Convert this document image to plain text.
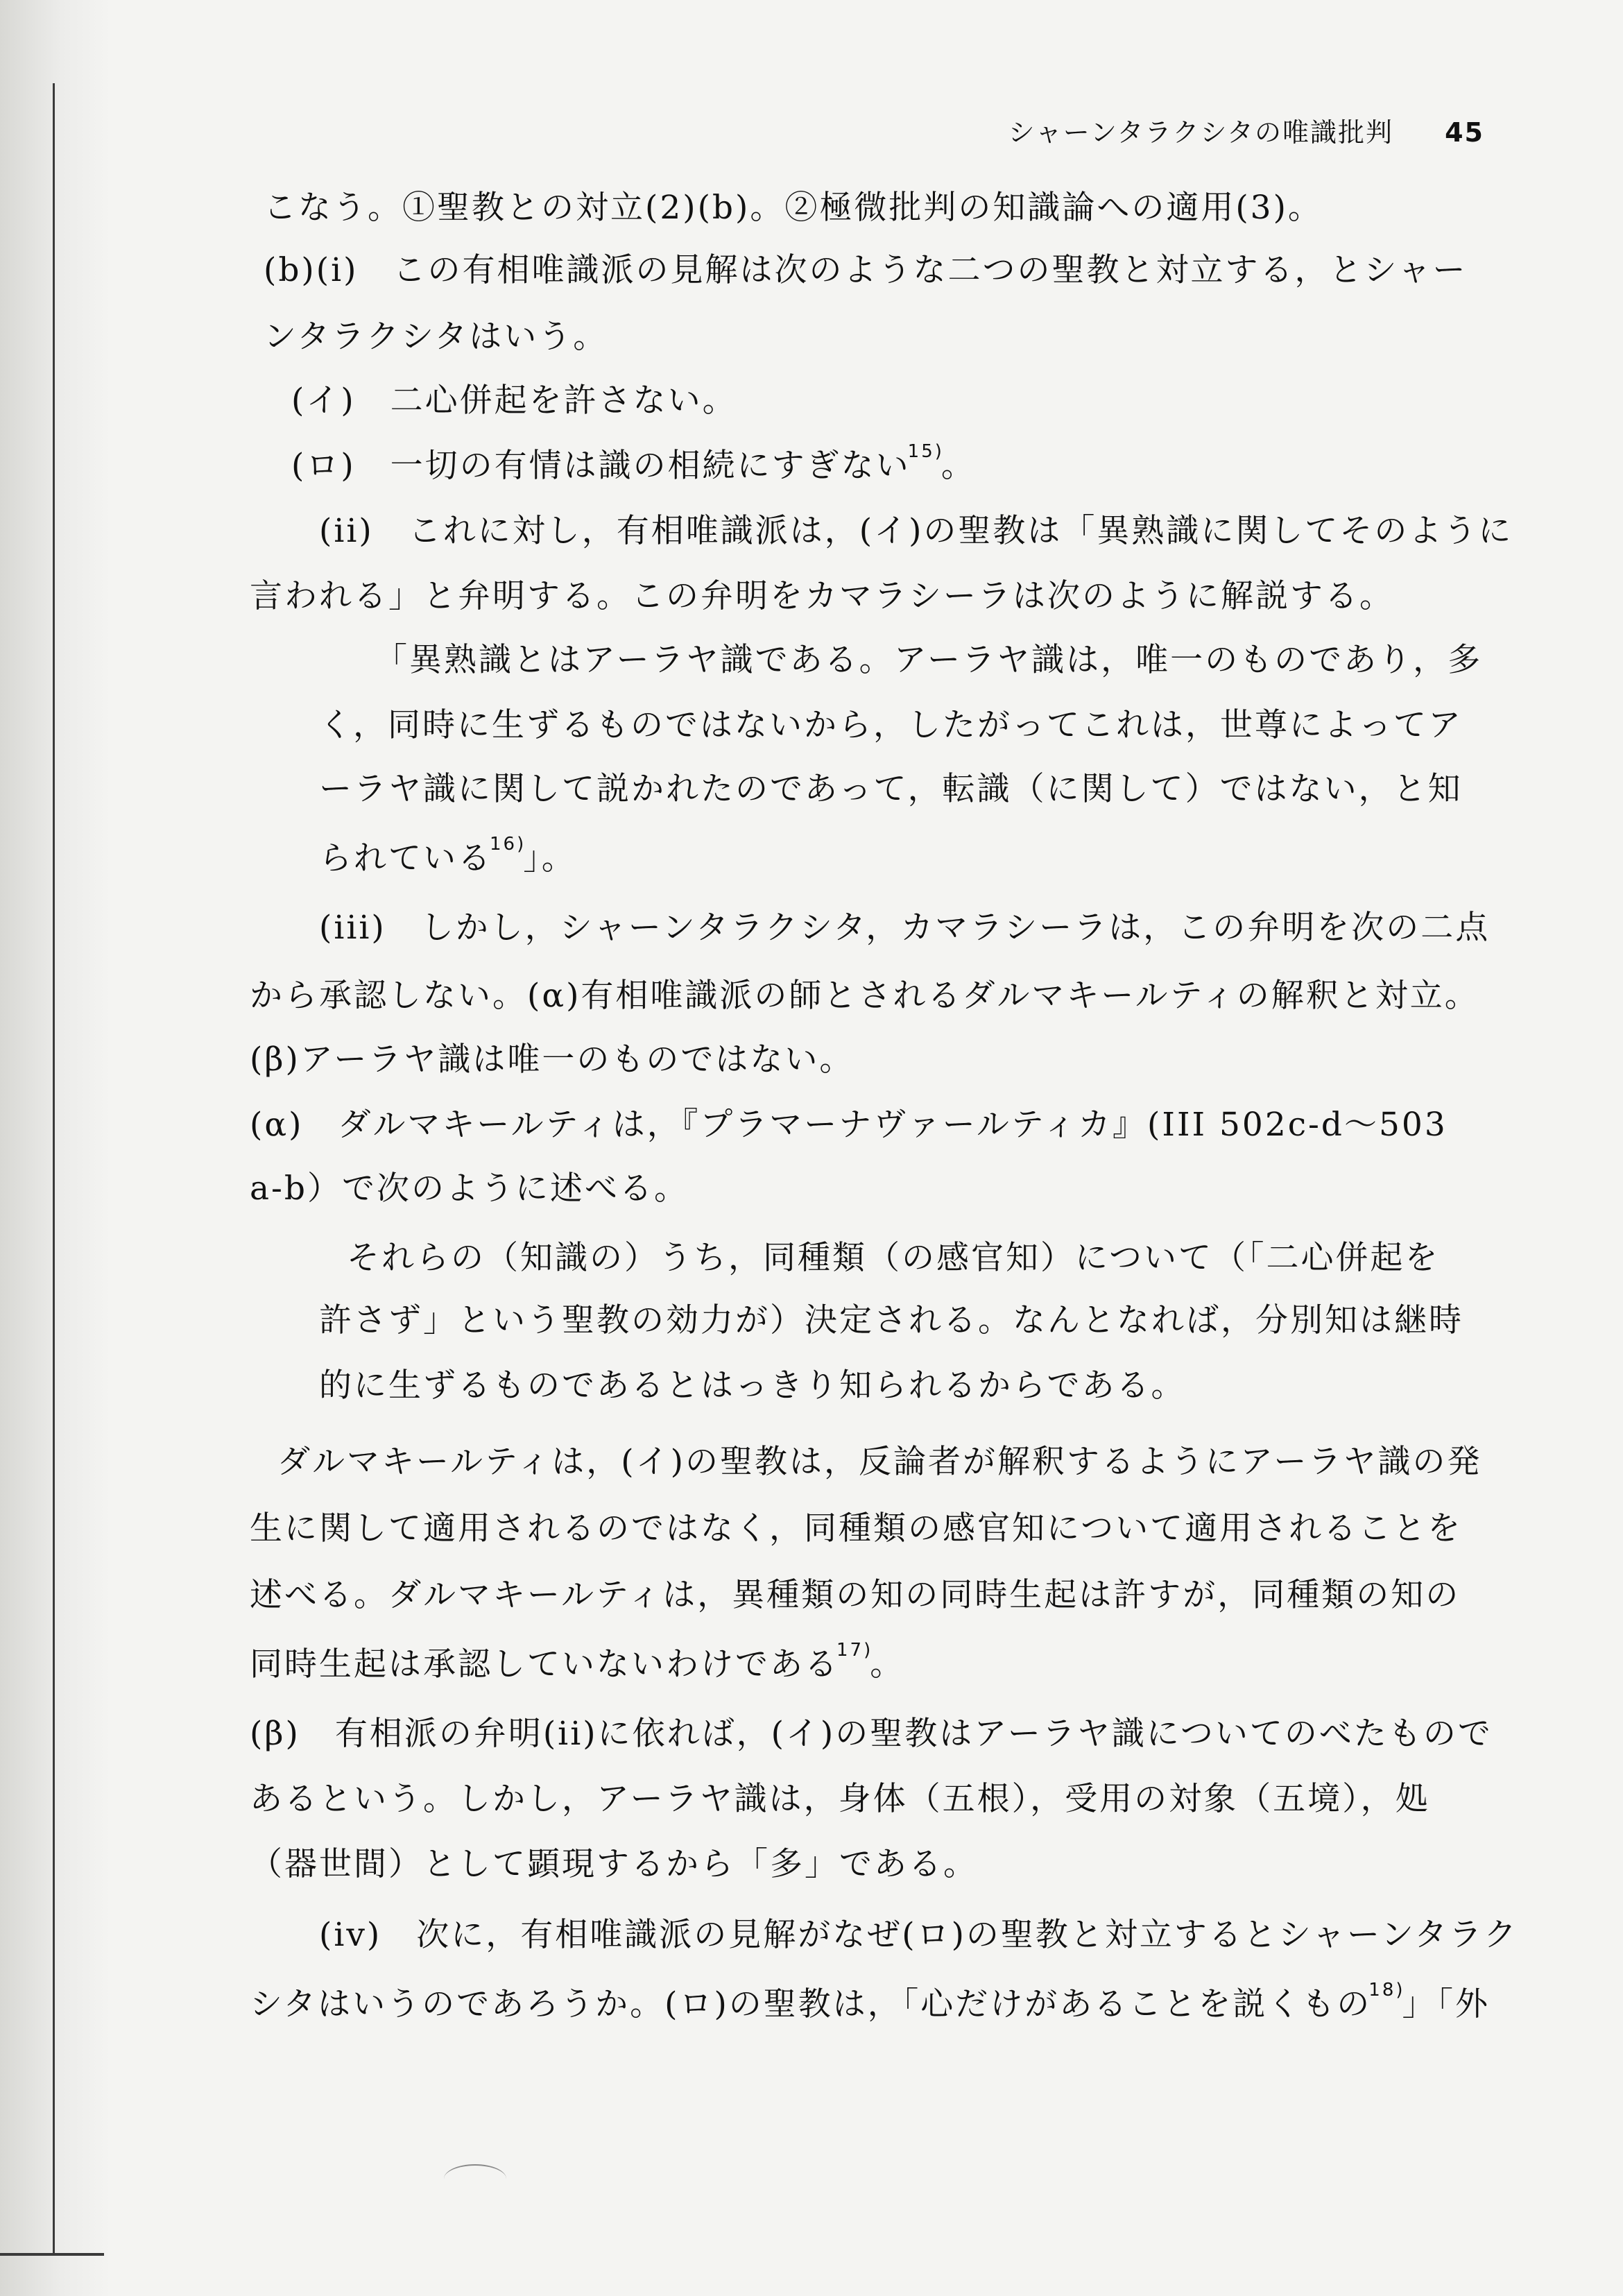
シャーンタラクシタの唯識批判 45
こなう。①聖教との対立(2)(b)。②極微批判の知識論への適用(3)。
(b)(i)　この有相唯識派の見解は次のような二つの聖教と対立する，とシャー
ンタラクシタはいう。
(イ)　二心併起を許さない。
(ロ)　一切の有情は識の相続にすぎない$^{15)}$。
(ii)　これに対し，有相唯識派は，(イ)の聖教は「異熟識に関してそのように
言われる」と弁明する。この弁明をカマラシーラは次のように解説する。
「異熟識とはアーラヤ識である。アーラヤ識は，唯一のものであり，多
く，同時に生ずるものではないから，したがってこれは，世尊によってア
ーラヤ識に関して説かれたのであって，転識（に関して）ではない，と知
られている$^{16)}$」。
(iii)　しかし，シャーンタラクシタ，カマラシーラは，この弁明を次の二点
から承認しない。(α)有相唯識派の師とされるダルマキールティの解釈と対立。
(β)アーラヤ識は唯一のものではない。
(α)　ダルマキールティは，『プラマーナヴァールティカ』(III 502c-d～503
a-b）で次のように述べる。
それらの（知識の）うち，同種類（の感官知）について（「二心併起を
許さず」という聖教の効力が）決定される。なんとなれば，分別知は継時
的に生ずるものであるとはっきり知られるからである。
ダルマキールティは，(イ)の聖教は，反論者が解釈するようにアーラヤ識の発
生に関して適用されるのではなく，同種類の感官知について適用されることを
述べる。ダルマキールティは，異種類の知の同時生起は許すが，同種類の知の
同時生起は承認していないわけである$^{17)}$。
(β)　有相派の弁明(ii)に依れば，(イ)の聖教はアーラヤ識についてのべたもので
あるという。しかし，アーラヤ識は，身体（五根），受用の対象（五境），処
（器世間）として顕現するから「多」である。
(iv)　次に，有相唯識派の見解がなぜ(ロ)の聖教と対立するとシャーンタラク
シタはいうのであろうか。(ロ)の聖教は，「心だけがあることを説くもの$^{18)}$」「外
